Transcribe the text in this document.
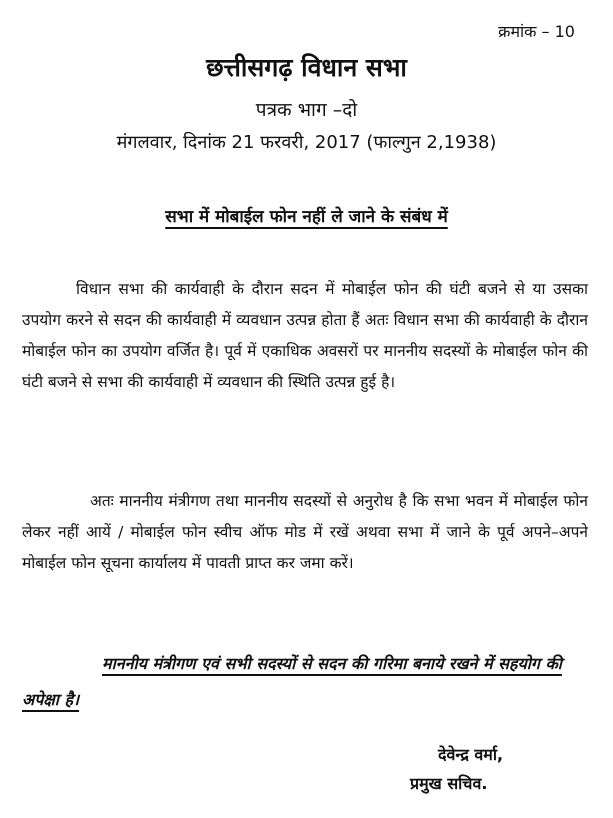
क्रमांक – 10
छत्तीसगढ़ विधान सभा
पत्रक भाग –दो
मंगलवार, दिनांक 21 फरवरी, 2017 (फाल्गुन 2,1938)
सभा में मोबाईल फोन नहीं ले जाने के संबंध में

विधान सभा की कार्यवाही के दौरान सदन में मोबाईल फोन की घंटी बजने से या उसका उपयोग करने से सदन की कार्यवाही में व्यवधान उत्पन्न होता हैं अतः विधान सभा की कार्यवाही के दौरान मोबाईल फोन का उपयोग वर्जित है। पूर्व में एकाधिक अवसरों पर माननीय सदस्यों के मोबाईल फोन की घंटी बजने से सभा की कार्यवाही में व्यवधान की स्थिति उत्पन्न हुई है।

अतः माननीय मंत्रीगण तथा माननीय सदस्यों से अनुरोध है कि सभा भवन में मोबाईल फोन लेकर नहीं आयें / मोबाईल फोन स्वीच ऑफ मोड में रखें अथवा सभा में जाने के पूर्व अपने–अपने मोबाईल फोन सूचना कार्यालय में पावती प्राप्त कर जमा करें।

माननीय मंत्रीगण एवं सभी सदस्यों से सदन की गरिमा बनाये रखने में सहयोग की अपेक्षा है।

देवेन्द्र वर्मा,
प्रमुख सचिव.
